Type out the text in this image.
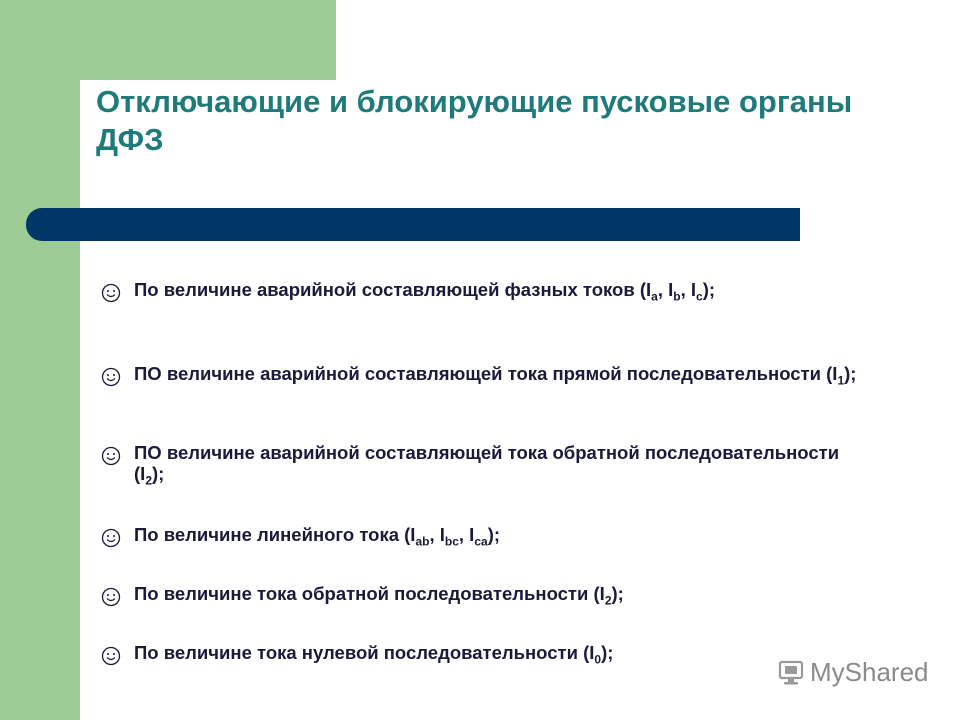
Отключающие и блокирующие пусковые органы ДФЗ
По величине аварийной составляющей фазных токов ($I_a$, $I_b$, $I_c$);
ПО величине аварийной составляющей тока прямой последовательности $(I_1)$;
ПО величине аварийной составляющей тока обратной последовательности $(I_2)$;
По величине линейного тока ($I_{ab}$, $I_{bc}$, $I_{ca}$);
По величине тока обратной последовательности $(I_2)$;
По величине тока нулевой последовательности $(I_0)$;
MyShared
